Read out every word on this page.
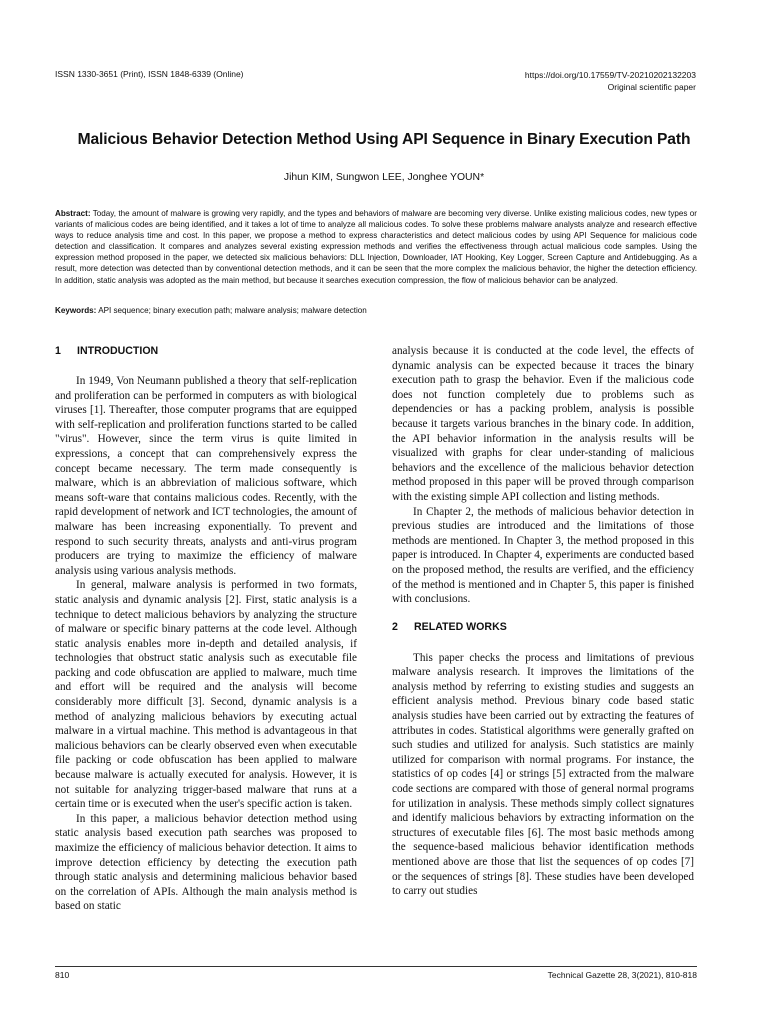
ISSN 1330-3651 (Print), ISSN 1848-6339 (Online)	https://doi.org/10.17559/TV-20210202132203
Original scientific paper
Malicious Behavior Detection Method Using API Sequence in Binary Execution Path
Jihun KIM, Sungwon LEE, Jonghee YOUN*
Abstract: Today, the amount of malware is growing very rapidly, and the types and behaviors of malware are becoming very diverse. Unlike existing malicious codes, new types or variants of malicious codes are being identified, and it takes a lot of time to analyze all malicious codes. To solve these problems malware analysts analyze and research effective ways to reduce analysis time and cost. In this paper, we propose a method to express characteristics and detect malicious codes by using API Sequence for malicious code detection and classification. It compares and analyzes several existing expression methods and verifies the effectiveness through actual malicious code samples. Using the expression method proposed in the paper, we detected six malicious behaviors: DLL Injection, Downloader, IAT Hooking, Key Logger, Screen Capture and Antidebugging. As a result, more detection was detected than by conventional detection methods, and it can be seen that the more complex the malicious behavior, the higher the detection efficiency. In addition, static analysis was adopted as the main method, but because it searches execution compression, the flow of malicious behavior can be analyzed.
Keywords: API sequence; binary execution path; malware analysis; malware detection
1 INTRODUCTION

In 1949, Von Neumann published a theory that self-replication and proliferation can be performed in computers as with biological viruses [1]. Thereafter, those computer programs that are equipped with self-replication and proliferation functions started to be called "virus". However, since the term virus is quite limited in expressions, a concept that can comprehensively express the concept became necessary. The term made consequently is malware, which is an abbreviation of malicious software, which means soft-ware that contains malicious codes. Recently, with the rapid development of network and ICT technologies, the amount of malware has been increasing exponentially. To prevent and respond to such security threats, analysts and anti-virus program producers are trying to maximize the efficiency of malware analysis using various analysis methods.

In general, malware analysis is performed in two formats, static analysis and dynamic analysis [2]. First, static analysis is a technique to detect malicious behaviors by analyzing the structure of malware or specific binary patterns at the code level. Although static analysis enables more in-depth and detailed analysis, if technologies that obstruct static analysis such as executable file packing and code obfuscation are applied to malware, much time and effort will be required and the analysis will become considerably more difficult [3]. Second, dynamic analysis is a method of analyzing malicious behaviors by executing actual malware in a virtual machine. This method is advantageous in that malicious behaviors can be clearly observed even when executable file packing or code obfuscation has been applied to malware because malware is actually executed for analysis. However, it is not suitable for analyzing trigger-based malware that runs at a certain time or is executed when the user's specific action is taken.

In this paper, a malicious behavior detection method using static analysis based execution path searches was proposed to maximize the efficiency of malicious behavior detection. It aims to improve detection efficiency by detecting the execution path through static analysis and determining malicious behavior based on the correlation of APIs. Although the main analysis method is based on static

analysis because it is conducted at the code level, the effects of dynamic analysis can be expected because it traces the binary execution path to grasp the behavior. Even if the malicious code does not function completely due to problems such as dependencies or has a packing problem, analysis is possible because it targets various branches in the binary code. In addition, the API behavior information in the analysis results will be visualized with graphs for clear under-standing of malicious behaviors and the excellence of the malicious behavior detection method proposed in this paper will be proved through comparison with the existing simple API collection and listing methods.

In Chapter 2, the methods of malicious behavior detection in previous studies are introduced and the limitations of those methods are mentioned. In Chapter 3, the method proposed in this paper is introduced. In Chapter 4, experiments are conducted based on the proposed method, the results are verified, and the efficiency of the method is mentioned and in Chapter 5, this paper is finished with conclusions.

2 RELATED WORKS

This paper checks the process and limitations of previous malware analysis research. It improves the limitations of the analysis method by referring to existing studies and suggests an efficient analysis method. Previous binary code based static analysis studies have been carried out by extracting the features of attributes in codes. Statistical algorithms were generally grafted on such studies and utilized for analysis. Such statistics are mainly utilized for comparison with normal programs. For instance, the statistics of op codes [4] or strings [5] extracted from the malware code sections are compared with those of general normal programs for utilization in analysis. These methods simply collect signatures and identify malicious behaviors by extracting information on the structures of executable files [6]. The most basic methods among the sequence-based malicious behavior identification methods mentioned above are those that list the sequences of op codes [7] or the sequences of strings [8]. These studies have been developed to carry out studies

810	Technical Gazette 28, 3(2021), 810-818
